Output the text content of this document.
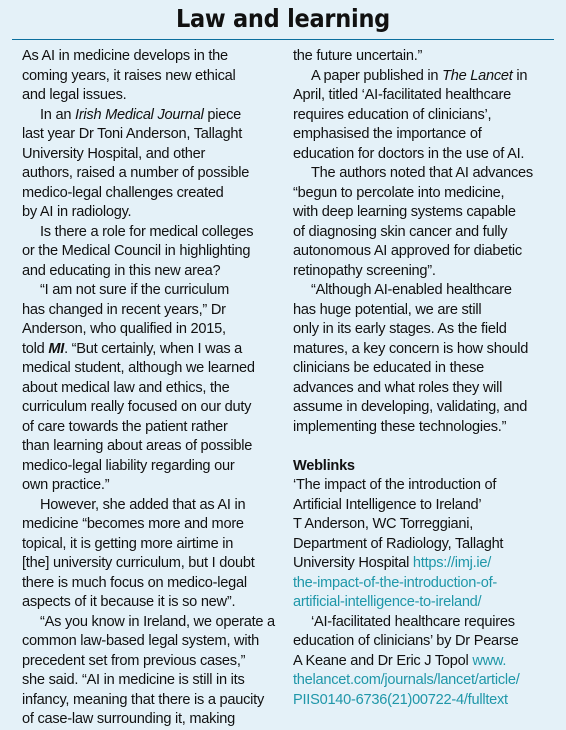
Law and learning

As AI in medicine develops in the
coming years, it raises new ethical
and legal issues.

In an Irish Medical Journal piece
last year Dr Toni Anderson, Tallaght
University Hospital, and other
authors, raised a number of possible
medico-legal challenges created
by AI in radiology.

Is there a role for medical colleges
or the Medical Council in highlighting
and educating in this new area?

“I am not sure if the curriculum
has changed in recent years,” Dr
Anderson, who qualified in 2015,
told MI. “But certainly, when I was a
medical student, although we learned
about medical law and ethics, the
curriculum really focused on our duty
of care towards the patient rather
than learning about areas of possible
medico-legal liability regarding our
own practice.”

However, she added that as AI in
medicine “becomes more and more
topical, it is getting more airtime in
[the] university curriculum, but I doubt
there is much focus on medico-legal
aspects of it because it is so new”.

“As you know in Ireland, we operate a
common law-based legal system, with
precedent set from previous cases,”
she said. “AI in medicine is still in its
infancy, meaning that there is a paucity
of case-law surrounding it, making

the future uncertain.”

A paper published in The Lancet in
April, titled ‘AI-facilitated healthcare
requires education of clinicians’,
emphasised the importance of
education for doctors in the use of AI.

The authors noted that AI advances
“begun to percolate into medicine,
with deep learning systems capable
of diagnosing skin cancer and fully
autonomous AI approved for diabetic
retinopathy screening”.

“Although AI-enabled healthcare
has huge potential, we are still
only in its early stages. As the field
matures, a key concern is how should
clinicians be educated in these
advances and what roles they will
assume in developing, validating, and
implementing these technologies.”

Weblinks

‘The impact of the introduction of
Artificial Intelligence to Ireland’
T Anderson, WC Torreggiani,
Department of Radiology, Tallaght
University Hospital https://imj.ie/
the-impact-of-the-introduction-of-
artificial-intelligence-to-ireland/

‘AI-facilitated healthcare requires
education of clinicians’ by Dr Pearse
A Keane and Dr Eric J Topol www.
thelancet.com/journals/lancet/article/
PIIS0140-6736(21)00722-4/fulltext
